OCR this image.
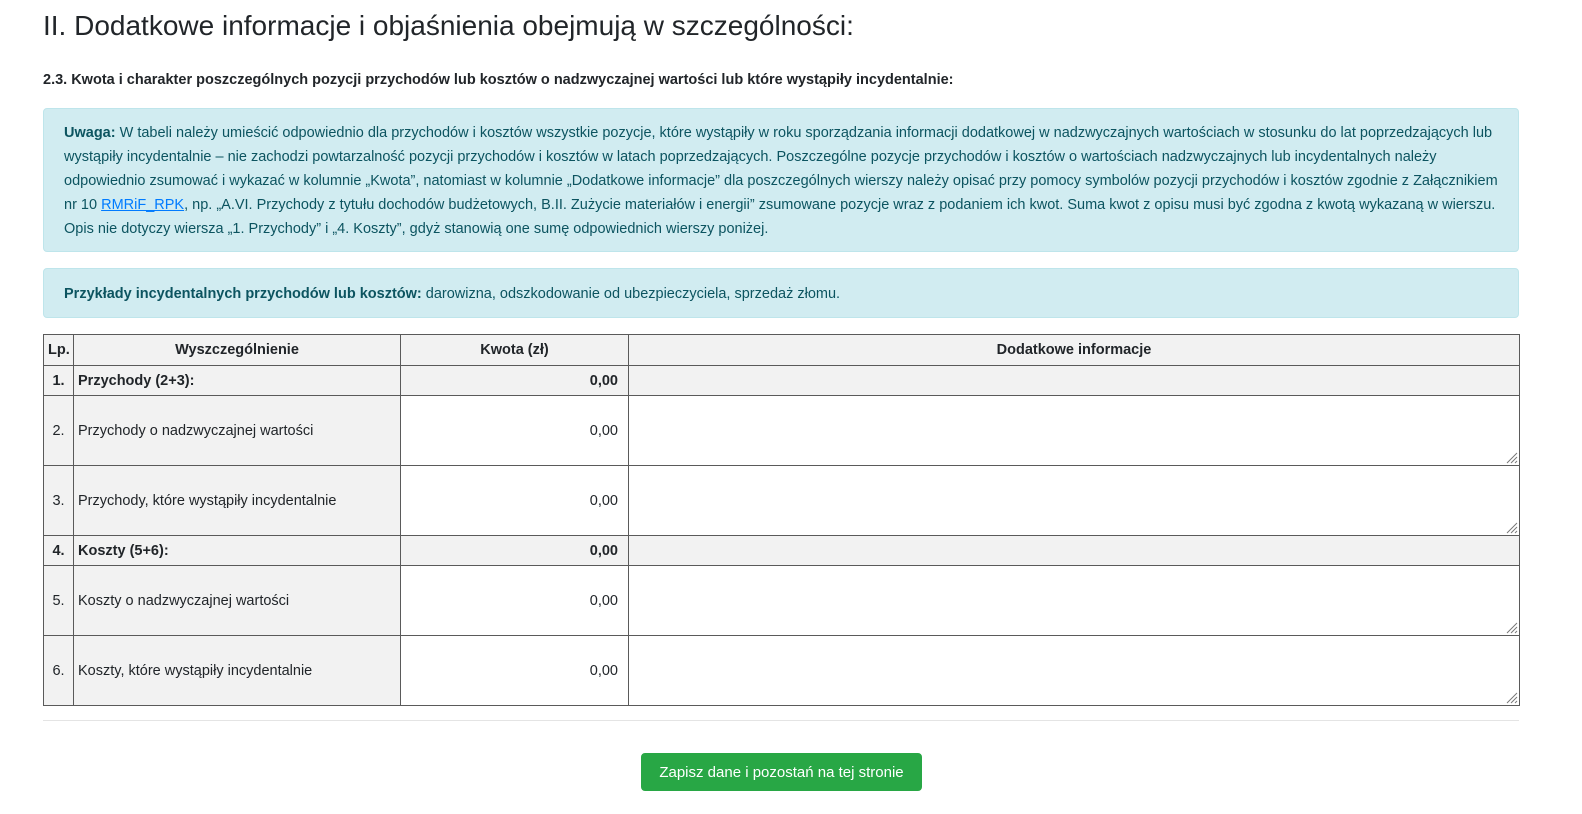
II. Dodatkowe informacje i objaśnienia obejmują w szczególności:
2.3. Kwota i charakter poszczególnych pozycji przychodów lub kosztów o nadzwyczajnej wartości lub które wystąpiły incydentalnie:
Uwaga: W tabeli należy umieścić odpowiednio dla przychodów i kosztów wszystkie pozycje, które wystąpiły w roku sporządzania informacji dodatkowej w nadzwyczajnych wartościach w stosunku do lat poprzedzających lub wystąpiły incydentalnie – nie zachodzi powtarzalność pozycji przychodów i kosztów w latach poprzedzających. Poszczególne pozycje przychodów i kosztów o wartościach nadzwyczajnych lub incydentalnych należy odpowiednio zsumować i wykazać w kolumnie „Kwota”, natomiast w kolumnie „Dodatkowe informacje” dla poszczególnych wierszy należy opisać przy pomocy symbolów pozycji przychodów i kosztów zgodnie z Załącznikiem nr 10 RMRiF_RPK, np. „A.VI. Przychody z tytułu dochodów budżetowych, B.II. Zużycie materiałów i energii” zsumowane pozycje wraz z podaniem ich kwot. Suma kwot z opisu musi być zgodna z kwotą wykazaną w wierszu. Opis nie dotyczy wiersza „1. Przychody” i „4. Koszty”, gdyż stanowią one sumę odpowiednich wierszy poniżej.
Przykłady incydentalnych przychodów lub kosztów: darowizna, odszkodowanie od ubezpieczyciela, sprzedaż złomu.
Lp.	Wyszczególnienie	Kwota (zł)	Dodatkowe informacje
1.	Przychody (2+3):	0,00	
2.	Przychody o nadzwyczajnej wartości	0,00	

3.	Przychody, które wystąpiły incydentalnie	0,00	

4.	Koszty (5+6):	0,00	
5.	Koszty o nadzwyczajnej wartości	0,00	

6.	Koszty, które wystąpiły incydentalnie	0,00	
Zapisz dane i pozostań na tej stronie
